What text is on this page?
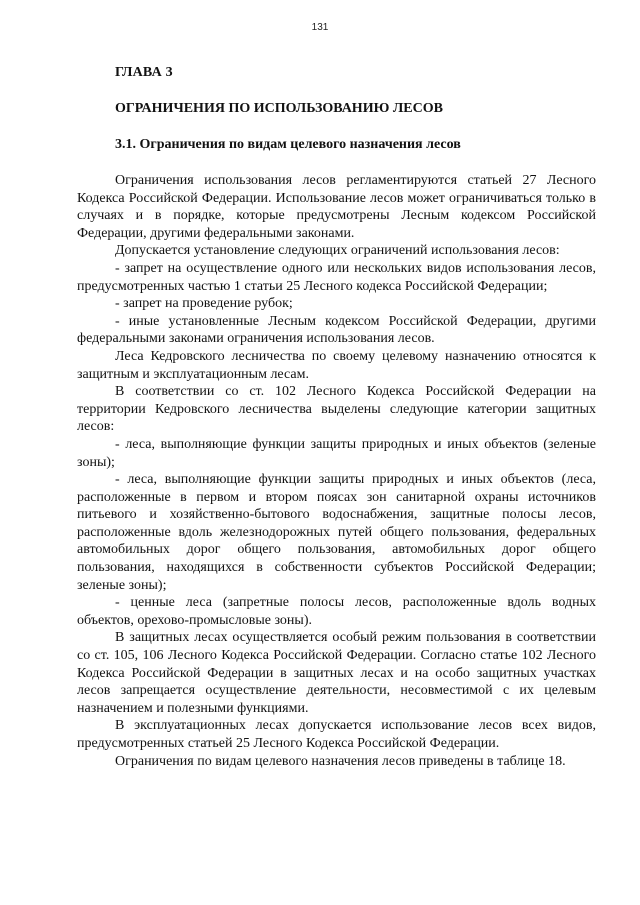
131
ГЛАВА 3
ОГРАНИЧЕНИЯ ПО ИСПОЛЬЗОВАНИЮ ЛЕСОВ
3.1. Ограничения по видам целевого назначения лесов

Ограничения использования лесов регламентируются статьей 27 Лесного Кодекса Российской Федерации. Использование лесов может ограничиваться только в случаях и в порядке, которые предусмотрены Лесным кодексом Российской Федерации, другими федеральными законами.

Допускается установление следующих ограничений использования лесов:

- запрет на осуществление одного или нескольких видов использования лесов, предусмотренных частью 1 статьи 25 Лесного кодекса Российской Федерации;

- запрет на проведение рубок;

- иные установленные Лесным кодексом Российской Федерации, другими федеральными законами ограничения использования лесов.

Леса Кедровского лесничества по своему целевому назначению относятся к защитным и эксплуатационным лесам.

В соответствии со ст. 102 Лесного Кодекса Российской Федерации на территории Кедровского лесничества выделены следующие категории защитных лесов:

- леса, выполняющие функции защиты природных и иных объектов (зеленые зоны);

- леса, выполняющие функции защиты природных и иных объектов (леса, расположенные в первом и втором поясах зон санитарной охраны источников питьевого и хозяйственно-бытового водоснабжения, защитные полосы лесов, расположенные вдоль железнодорожных путей общего пользования, федеральных автомобильных дорог общего пользования, автомобильных дорог общего пользования, находящихся в собственности субъектов Российской Федерации; зеленые зоны);

- ценные леса (запретные полосы лесов, расположенные вдоль водных объектов, орехово-промысловые зоны).

В защитных лесах осуществляется особый режим пользования в соответствии со ст. 105, 106 Лесного Кодекса Российской Федерации. Согласно статье 102 Лесного Кодекса Российской Федерации в защитных лесах и на особо защитных участках лесов запрещается осуществление деятельности, несовместимой с их целевым назначением и полезными функциями.

В эксплуатационных лесах допускается использование лесов всех видов, предусмотренных статьей 25 Лесного Кодекса Российской Федерации.

Ограничения по видам целевого назначения лесов приведены в таблице 18.
